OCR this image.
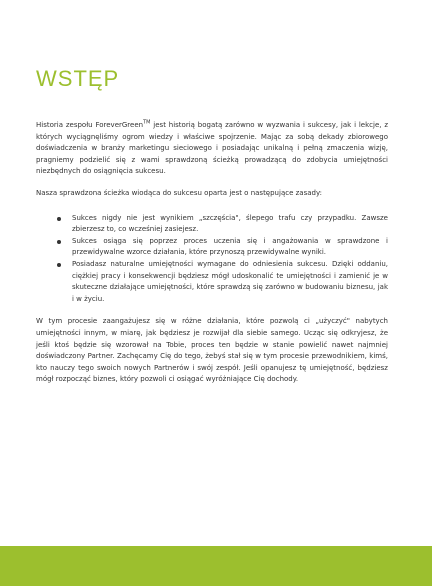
WSTĘP

Historia zespołu ForeverGreen™ jest historią bogatą zarówno w wyzwania i sukcesy, jak i lekcje, z których wyciągnęliśmy ogrom wiedzy i właściwe spojrzenie. Mając za sobą dekady zbiorowego doświadczenia w branży marketingu sieciowego i posiadając unikalną i pełną zmaczenia wizję, pragniemy podzielić się z wami sprawdzoną ścieżką prowadzącą do zdobycia umiejętności niezbędnych do osiągnięcia sukcesu.

Nasza sprawdzona ścieżka wiodąca do sukcesu oparta jest o następujące zasady:

Sukces nigdy nie jest wynikiem „szczęścia", ślepego trafu czy przypadku. Zawsze zbierzesz to, co wcześniej zasiejesz.
Sukces osiąga się poprzez proces uczenia się i angażowania w sprawdzone i przewidywalne wzorce działania, które przynoszą przewidywalne wyniki.
Posiadasz naturalne umiejętności wymagane do odniesienia sukcesu. Dzięki oddaniu, ciężkiej pracy i konsekwencji będziesz mógł udoskonalić te umiejętności i zamienić je w skuteczne działające umiejętności, które sprawdzą się zarówno w budowaniu biznesu, jak i w życiu.

W tym procesie zaangażujesz się w różne działania, które pozwolą ci „użyczyć" nabytych umiejętności innym, w miarę, jak będziesz je rozwijał dla siebie samego. Ucząc się odkryjesz, że jeśli ktoś będzie się wzorował na Tobie, proces ten będzie w stanie powielić nawet najmniej doświadczony Partner. Zachęcamy Cię do tego, żebyś stał się w tym procesie przewodnikiem, kimś, kto nauczy tego swoich nowych Partnerów i swój zespół. Jeśli opanujesz tę umiejętność, będziesz mógł rozpocząć biznes, który pozwoli ci osiągać wyróżniające Cię dochody.
